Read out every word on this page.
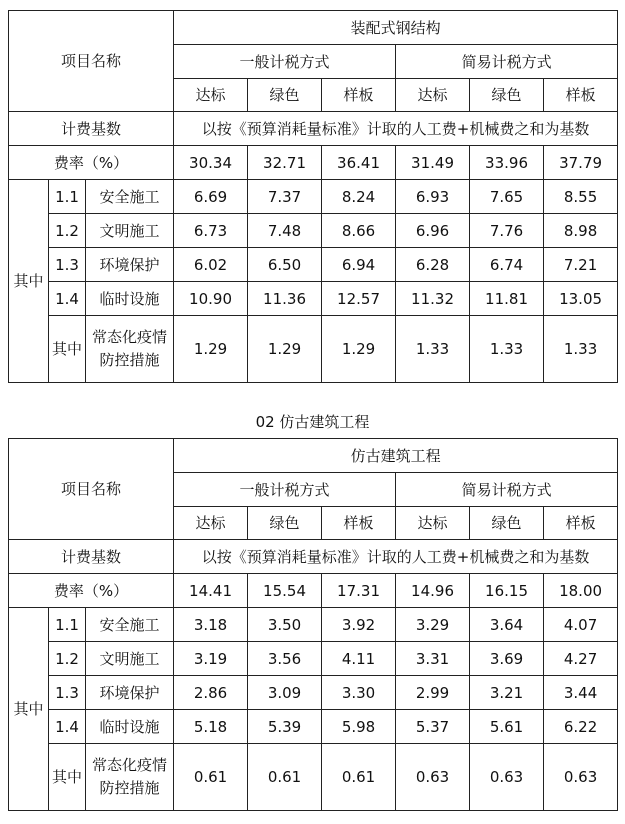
02 仿古建筑工程
项目名称			装配式钢结构					
			一般计税方式			简易计税方式		
			达标	绿色	样板	达标	绿色	样板
计费基数			以按《预算消耗量标准》计取的人工费+机械费之和为基数					
费率（%）			30.34	32.71	36.41	31.49	33.96	37.79
其中	1.1	安全施工	6.69	7.37	8.24	6.93	7.65	8.55
	1.2	文明施工	6.73	7.48	8.66	6.96	7.76	8.98
	1.3	环境保护	6.02	6.50	6.94	6.28	6.74	7.21
	1.4	临时设施	10.90	11.36	12.57	11.32	11.81	13.05
	其中	常态化疫情防控措施	1.29	1.29	1.29	1.33	1.33	1.33
项目名称			仿古建筑工程					
			一般计税方式			简易计税方式		
			达标	绿色	样板	达标	绿色	样板
计费基数			以按《预算消耗量标准》计取的人工费+机械费之和为基数					
费率（%）			14.41	15.54	17.31	14.96	16.15	18.00
其中	1.1	安全施工	3.18	3.50	3.92	3.29	3.64	4.07
	1.2	文明施工	3.19	3.56	4.11	3.31	3.69	4.27
	1.3	环境保护	2.86	3.09	3.30	2.99	3.21	3.44
	1.4	临时设施	5.18	5.39	5.98	5.37	5.61	6.22
	其中	常态化疫情防控措施	0.61	0.61	0.61	0.63	0.63	0.63
